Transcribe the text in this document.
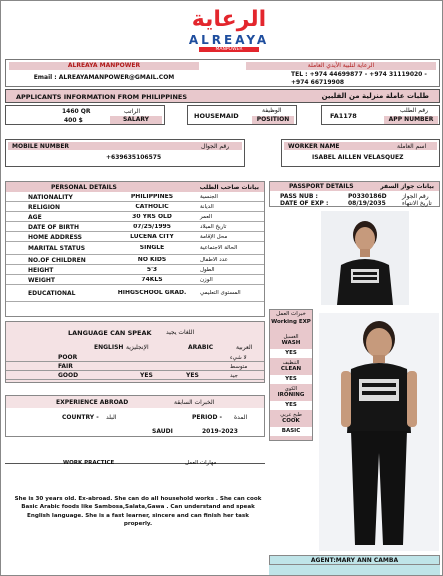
الرعاية
ALREAYA
MANPOWER
ALREAYA MANPOWER	الرعاية لتلبية الأيدي العاملة
Email : ALREAYAMANPOWER@GMAIL.COM	TEL : +974 44699877 - +974 31119020 - +974 66719908
APPLICANTS INFORMATION FROM PHILIPPINES	طلبات عاملة منزلية من الفلبين
1460 QR	الراتب
400 $	SALARY	HOUSEMAID
الوظيفة
POSITION	FA1178
رقم الطلب
APP NUMBER
MOBILE NUMBER	رقم الجوال
+639635106575
WORKER NAME	اسم العاملة
ISABEL AILLEN VELASQUEZ
PERSONAL DETAILS	بيانات صاحب الطلب
NATIONALITY	PHILIPPINES	الجنسية
RELIGION	CATHOLIC	الديانة
AGE	30 YRS OLD	العمر
DATE OF BIRTH	07/25/1995	تاريخ الميلاد
HOME ADDRESS	LUCENA CITY	محل الإقامة
MARITAL STATUS	SINGLE	الحالة الاجتماعية
NO.OF CHILDREN	NO KIDS	عدد الأطفال
HEIGHT	5'3	الطول
WEIGHT	74KLS	الوزن
EDUCATIONAL	HIHGSCHOOL GRAD.	المستوى التعليمي
PASSPORT DETAILS	بيانات جواز السفر
PASS NUB :	P0330186D	رقم الجواز
DATE OF EXP :	08/19/2035	تاريخ الانتهاء
LANGUAGE CAN SPEAK اللغات يجيد
ENGLISH الإنجليزية	ARABIC	العربية
POOR	لا شيء
FAIR	متوسط
GOOD	YES	YES	جيد
EXPERIENCE ABROAD	الخبرات السابقة
COUNTRY - البلد	PERIOD - المدة
SAUDI	2019-2023
WORK PRACTICE	مهارات العمل
She is 30 years old. Ex-abroad. She can do all household works . She can cook Basic Arabic foods like Sambosa,Salata,Gawa . Can understand and speak English language. She is a fast learner, sincere and can finish her task properly.
خبرات العمل
Working EXP
الغسيل
WASH
YES
التنظيف
CLEAN
YES
الكوي
IRONING
YES
طبخ عربي
COOK
BASIC
AGENT:MARY ANN CAMBA
